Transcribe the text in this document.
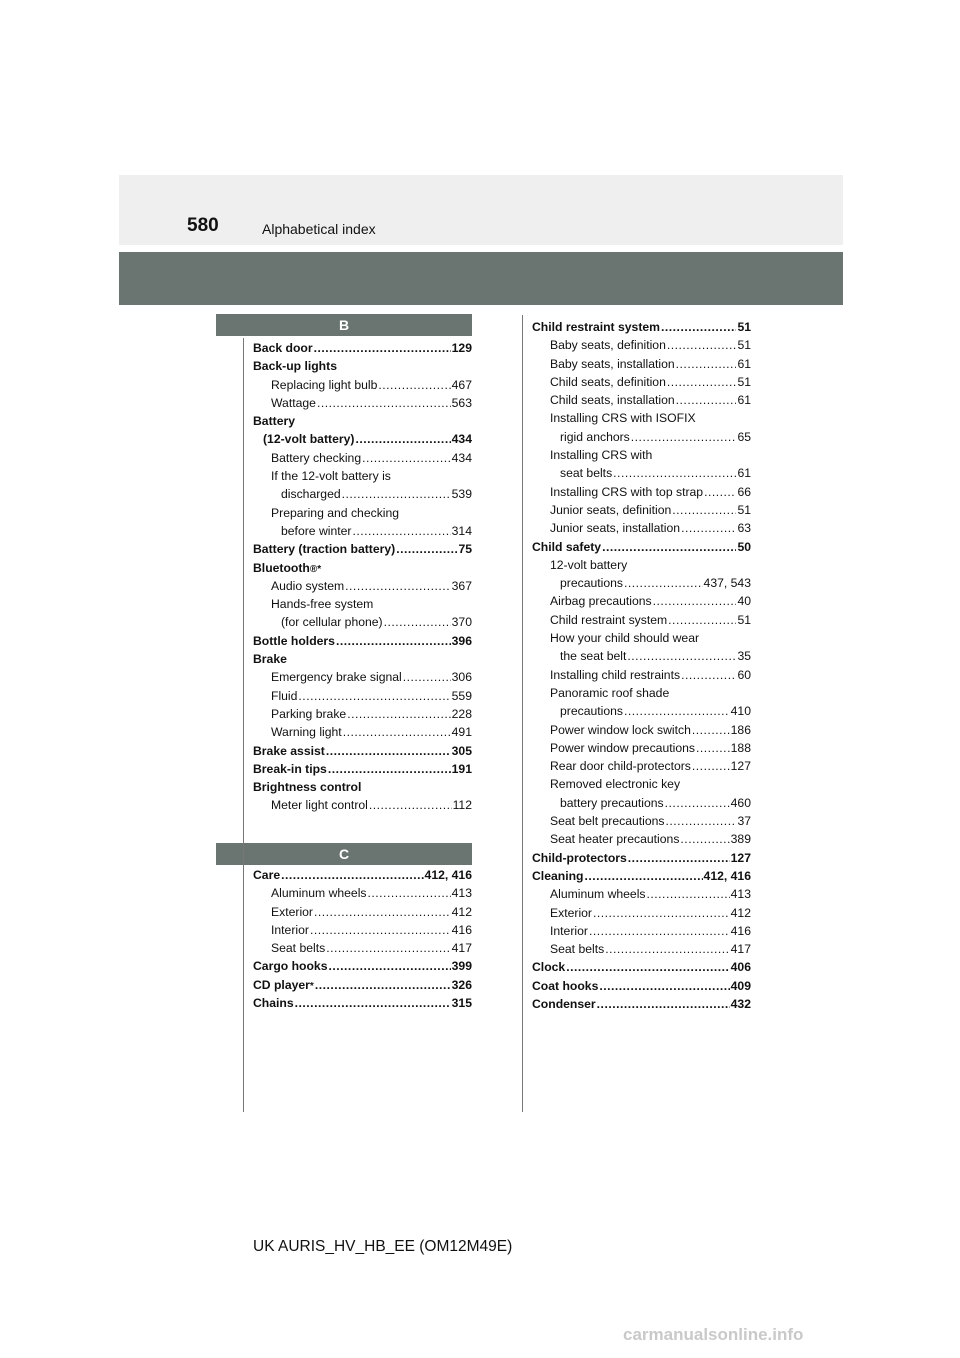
580	Alphabetical index
B
C
Back door .....	129
Back-up lights
Replacing light bulb .....	467
Wattage .....	563
Battery
(12-volt battery) .....	434
Battery checking .....	434
If the 12-volt battery is
discharged .....	539
Preparing and checking
before winter .....	314
Battery (traction battery) .....	75
Bluetooth ®*
Audio system .....	367
Hands-free system
(for cellular phone) .....	370
Bottle holders .....	396
Brake
Emergency brake signal .....	306
Fluid .....	559
Parking brake .....	228
Warning light .....	491
Brake assist .....	305
Break-in tips .....	191
Brightness control
Meter light control .....	112
Care .....	412, 416
Aluminum wheels .....	413
Exterior .....	412
Interior .....	416
Seat belts .....	417
Cargo hooks .....	399
CD player * .....	326
Chains .....	315
Child restraint system .....	51
Baby seats, definition .....	51
Baby seats, installation .....	61
Child seats, definition .....	51
Child seats, installation .....	61
Installing CRS with ISOFIX
rigid anchors .....	65
Installing CRS with
seat belts .....	61
Installing CRS with top strap .....	66
Junior seats, definition .....	51
Junior seats, installation .....	63
Child safety .....	50
12-volt battery
precautions .....	437, 543
Airbag precautions .....	40
Child restraint system .....	51
How your child should wear
the seat belt .....	35
Installing child restraints .....	60
Panoramic roof shade
precautions .....	410
Power window lock switch .....	186
Power window precautions .....	188
Rear door child-protectors .....	127
Removed electronic key
battery precautions .....	460
Seat belt precautions .....	37
Seat heater precautions .....	389
Child-protectors .....	127
Cleaning .....	412, 416
Aluminum wheels .....	413
Exterior .....	412
Interior .....	416
Seat belts .....	417
Clock .....	406
Coat hooks .....	409
Condenser .....	432
UK AURIS_HV_HB_EE (OM12M49E)
carmanualsonline.info
